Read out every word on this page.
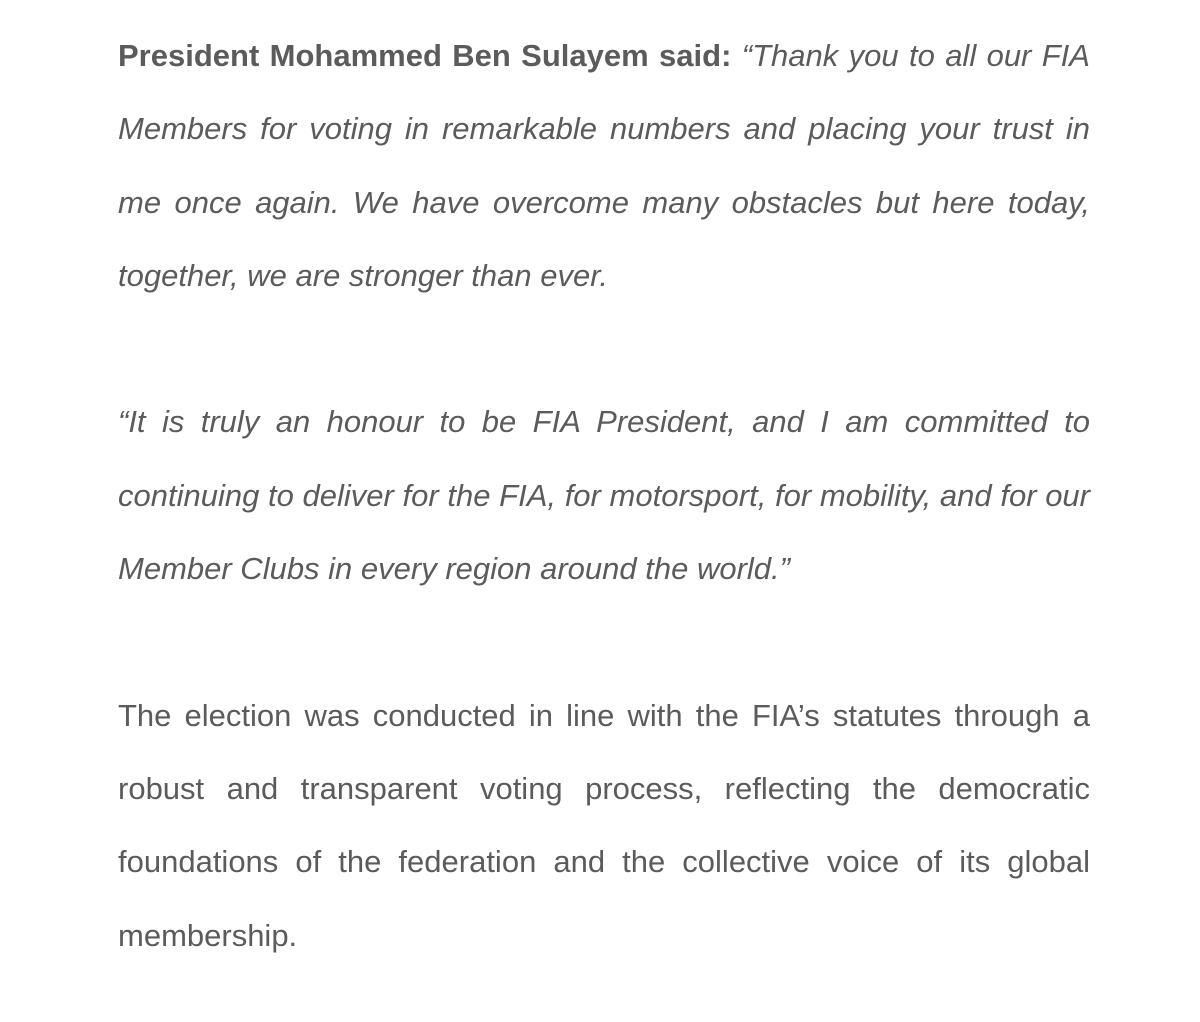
President Mohammed Ben Sulayem said: “Thank you to all our FIA Members for voting in remarkable numbers and placing your trust in me once again. We have overcome many obstacles but here today, together, we are stronger than ever.

“It is truly an honour to be FIA President, and I am committed to continuing to deliver for the FIA, for motorsport, for mobility, and for our Member Clubs in every region around the world.”

The election was conducted in line with the FIA’s statutes through a robust and transparent voting process, reflecting the democratic foundations of the federation and the collective voice of its global membership.
